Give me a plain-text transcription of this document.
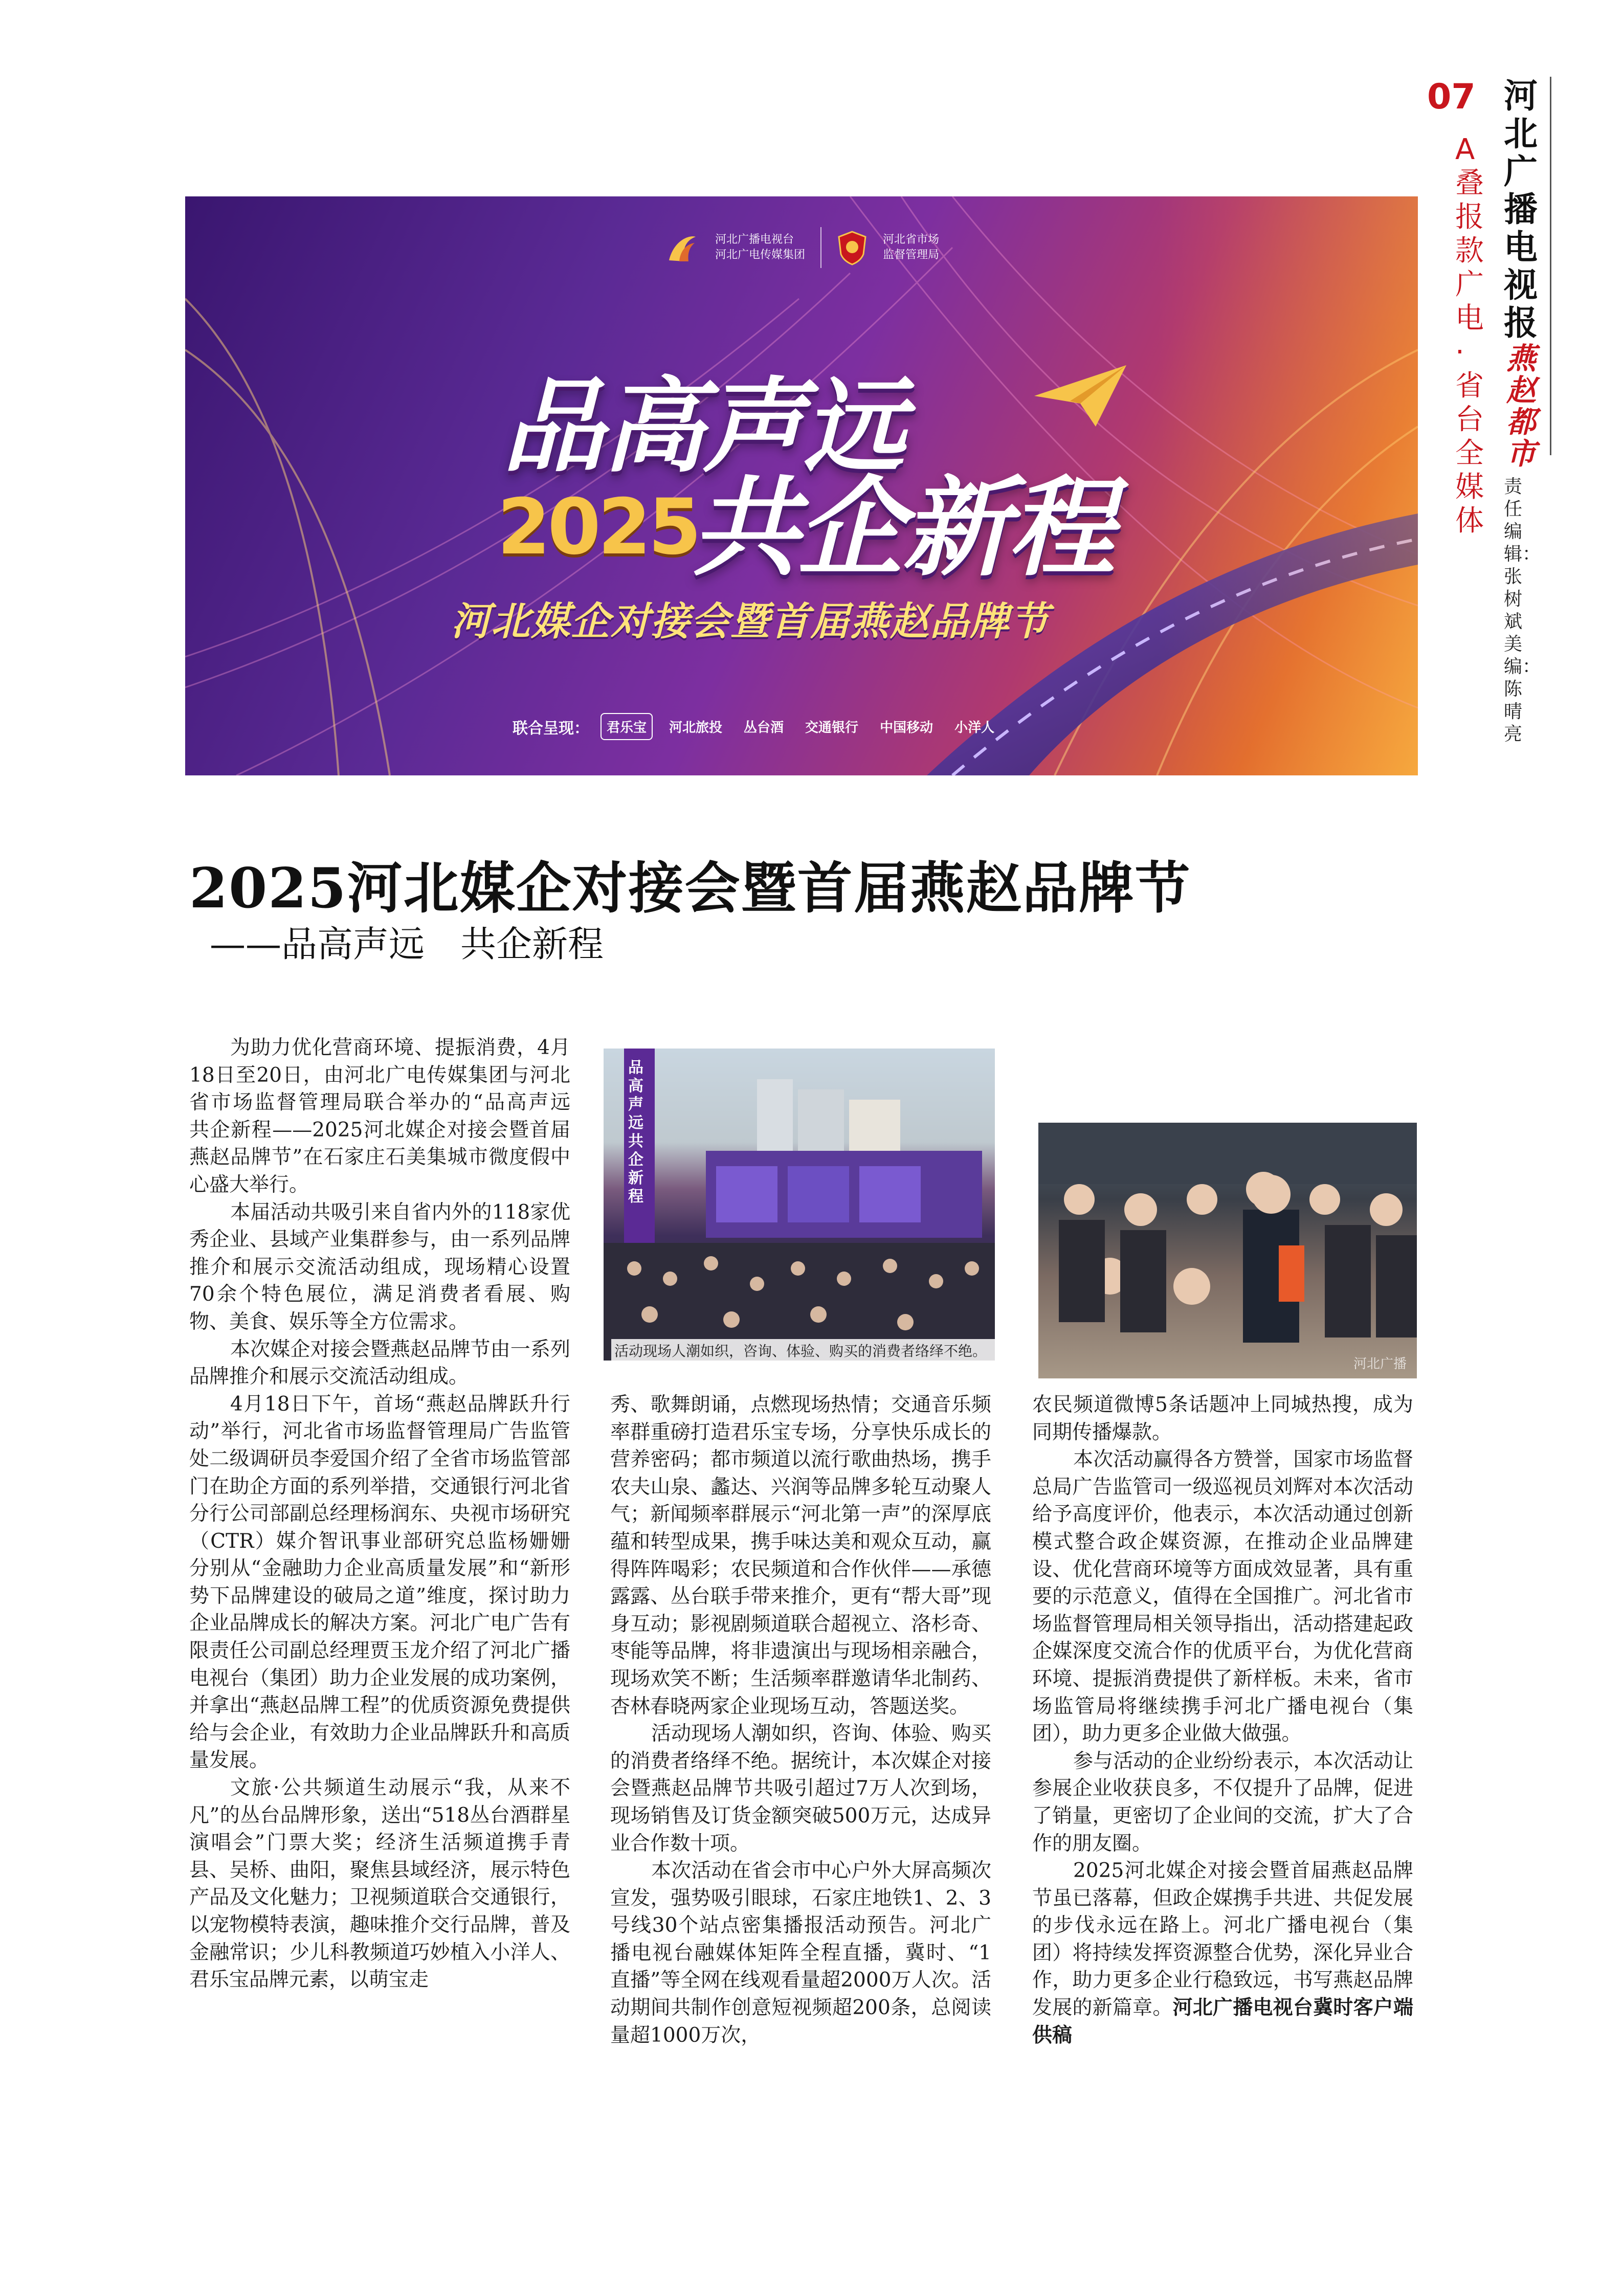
07 河北广播电视报
燕赵都市
A叠报款广电·省台全媒体
责任编辑：张树斌　美编：陈晴亮
河北广播电视台
河北广电传媒集团
河北省市场
监督管理局
品高声远
2025
共企新程
河北媒企对接会暨首届燕赵品牌节
联合呈现：	君乐宝	河北旅投	丛台酒	交通银行	中国移动	小洋人
2025河北媒企对接会暨首届燕赵品牌节
——品高声远　共企新程

为助力优化营商环境、提振消费，4月18日至20日，由河北广电传媒集团与河北省市场监督管理局联合举办的“品高声远　共企新程——2025河北媒企对接会暨首届燕赵品牌节”在石家庄石美集城市微度假中心盛大举行。

本届活动共吸引来自省内外的118家优秀企业、县域产业集群参与，由一系列品牌推介和展示交流活动组成，现场精心设置70余个特色展位，满足消费者看展、购物、美食、娱乐等全方位需求。

本次媒企对接会暨燕赵品牌节由一系列品牌推介和展示交流活动组成。

4月18日下午，首场“燕赵品牌跃升行动”举行，河北省市场监督管理局广告监管处二级调研员李爱国介绍了全省市场监管部门在助企方面的系列举措，交通银行河北省分行公司部副总经理杨润东、央视市场研究（CTR）媒介智讯事业部研究总监杨姗姗分别从“金融助力企业高质量发展”和“新形势下品牌建设的破局之道”维度，探讨助力企业品牌成长的解决方案。河北广电广告有限责任公司副总经理贾玉龙介绍了河北广播电视台（集团）助力企业发展的成功案例，并拿出“燕赵品牌工程”的优质资源免费提供给与会企业，有效助力企业品牌跃升和高质量发展。

文旅·公共频道生动展示“我，从来不凡”的丛台品牌形象，送出“518丛台酒群星演唱会”门票大奖；经济生活频道携手青县、吴桥、曲阳，聚焦县域经济，展示特色产品及文化魅力；卫视频道联合交通银行，以宠物模特表演，趣味推介交行品牌，普及金融常识；少儿科教频道巧妙植入小洋人、君乐宝品牌元素，以萌宝走

品高声远 共企新程
活动现场人潮如织，咨询、体验、购买的消费者络绎不绝。
河北广播

秀、歌舞朗诵，点燃现场热情；交通音乐频率群重磅打造君乐宝专场，分享快乐成长的营养密码；都市频道以流行歌曲热场，携手农夫山泉、蠡达、兴润等品牌多轮互动聚人气；新闻频率群展示“河北第一声”的深厚底蕴和转型成果，携手味达美和观众互动，赢得阵阵喝彩；农民频道和合作伙伴——承德露露、丛台联手带来推介，更有“帮大哥”现身互动；影视剧频道联合超视立、洛杉奇、枣能等品牌，将非遗演出与现场相亲融合，现场欢笑不断；生活频率群邀请华北制药、杏林春晓两家企业现场互动，答题送奖。

活动现场人潮如织，咨询、体验、购买的消费者络绎不绝。据统计，本次媒企对接会暨燕赵品牌节共吸引超过7万人次到场，现场销售及订货金额突破500万元，达成异业合作数十项。

本次活动在省会市中心户外大屏高频次宣发，强势吸引眼球，石家庄地铁1、2、3号线30个站点密集播报活动预告。河北广播电视台融媒体矩阵全程直播，冀时、“1直播”等全网在线观看量超2000万人次。活动期间共制作创意短视频超200条，总阅读量超1000万次，

农民频道微博5条话题冲上同城热搜，成为同期传播爆款。

本次活动赢得各方赞誉，国家市场监督总局广告监管司一级巡视员刘辉对本次活动给予高度评价，他表示，本次活动通过创新模式整合政企媒资源，在推动企业品牌建设、优化营商环境等方面成效显著，具有重要的示范意义，值得在全国推广。河北省市场监督管理局相关领导指出，活动搭建起政企媒深度交流合作的优质平台，为优化营商环境、提振消费提供了新样板。未来，省市场监管局将继续携手河北广播电视台（集团），助力更多企业做大做强。

参与活动的企业纷纷表示，本次活动让参展企业收获良多，不仅提升了品牌，促进了销量，更密切了企业间的交流，扩大了合作的朋友圈。

2025河北媒企对接会暨首届燕赵品牌节虽已落幕，但政企媒携手共进、共促发展的步伐永远在路上。河北广播电视台（集团）将持续发挥资源整合优势，深化异业合作，助力更多企业行稳致远，书写燕赵品牌发展的新篇章。河北广播电视台冀时客户端供稿
